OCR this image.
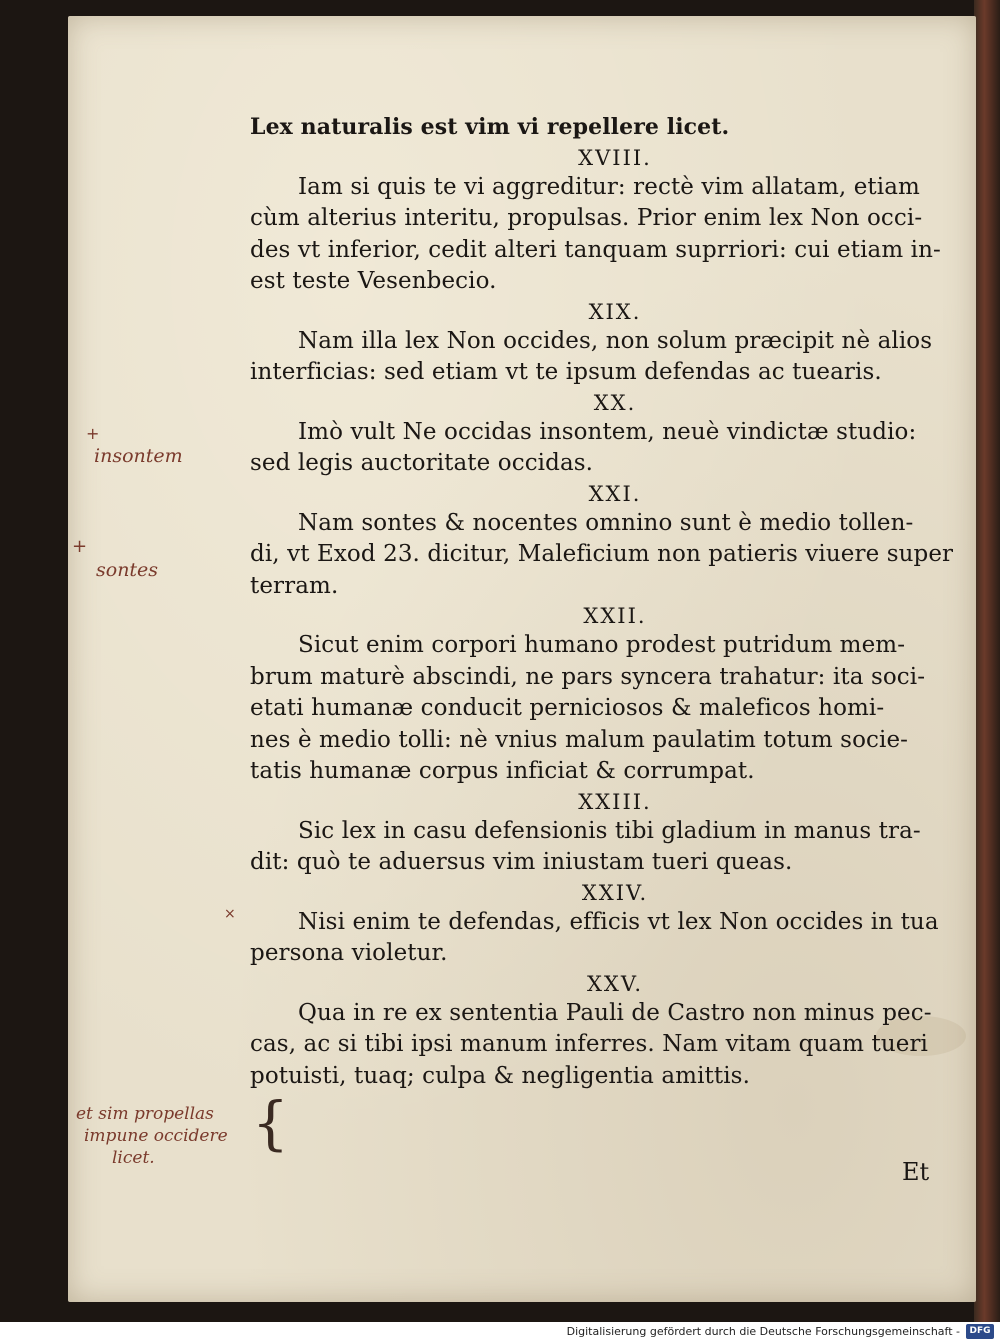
Lex naturalis est vim vi repellere licet.
XVIII.
Iam si quis te vi aggreditur: rectè vim allatam, etiam
cùm alterius interitu, propulsas. Prior enim lex Non occi-
des vt inferior, cedit alteri tanquam suprriori: cui etiam in-
est teste Vesenbecio.
XIX.
Nam illa lex Non occides, non solum præcipit nè alios
interficias: sed etiam vt te ipsum defendas ac tuearis.
XX.
Imò vult Ne occidas insontem, neuè vindictæ studio:
sed legis auctoritate occidas.
XXI.
Nam sontes & nocentes omnino sunt è medio tollen-
di, vt Exod 23. dicitur, Maleficium non patieris viuere super
terram.
XXII.
Sicut enim corpori humano prodest putridum mem-
brum maturè abscindi, ne pars syncera trahatur: ita soci-
etati humanæ conducit perniciosos & maleficos homi-
nes è medio tolli: nè vnius malum paulatim totum socie-
tatis humanæ corpus inficiat & corrumpat.
XXIII.
Sic lex in casu defensionis tibi gladium in manus tra-
dit: quò te aduersus vim iniustam tueri queas.
XXIV.
Nisi enim te defendas, efficis vt lex Non occides in tua
persona violetur.
XXV.
Qua in re ex sententia Pauli de Castro non minus pec-
cas, ac si tibi ipsi manum inferres. Nam vitam quam tueri
potuisti, tuaq; culpa & negligentia amittis.
Et
+
insontem
+
sontes
×
et sim propellas
impune occidere
licet.
{
Digitalisierung gefördert durch die Deutsche Forschungsgemeinschaft -	DFG
